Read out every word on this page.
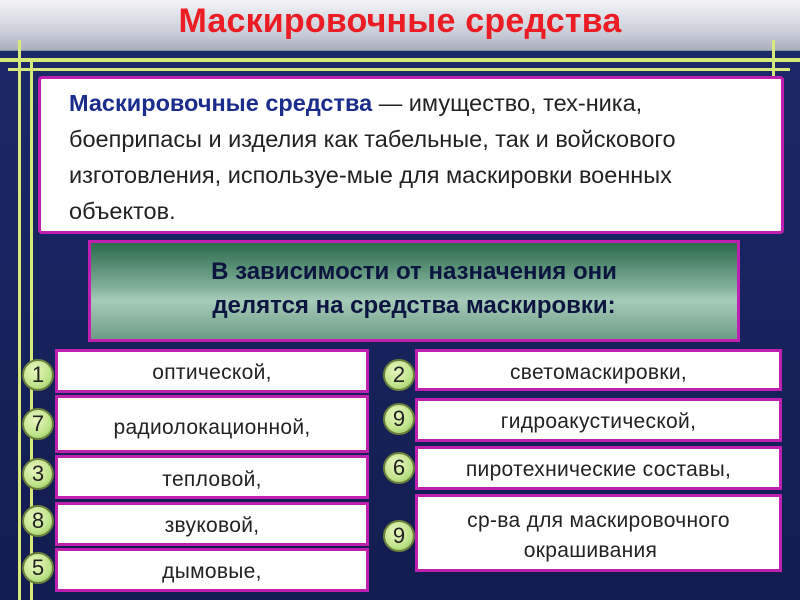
Маскировочные средства
Маскировочные средства — имущество, тех-ника, боеприпасы и изделия как табельные, так и войскового изготовления, используе-мые для маскировки военных объектов.
В зависимости от назначения они
делятся на средства маскировки:
оптической,
1
радиолокационной,
7
тепловой,
3
звуковой,
8
дымовые,
5
светомаскировки,
2
гидроакустической,
9
пиротехнические составы,
6
ср-ва для маскировочного
окрашивания
9
